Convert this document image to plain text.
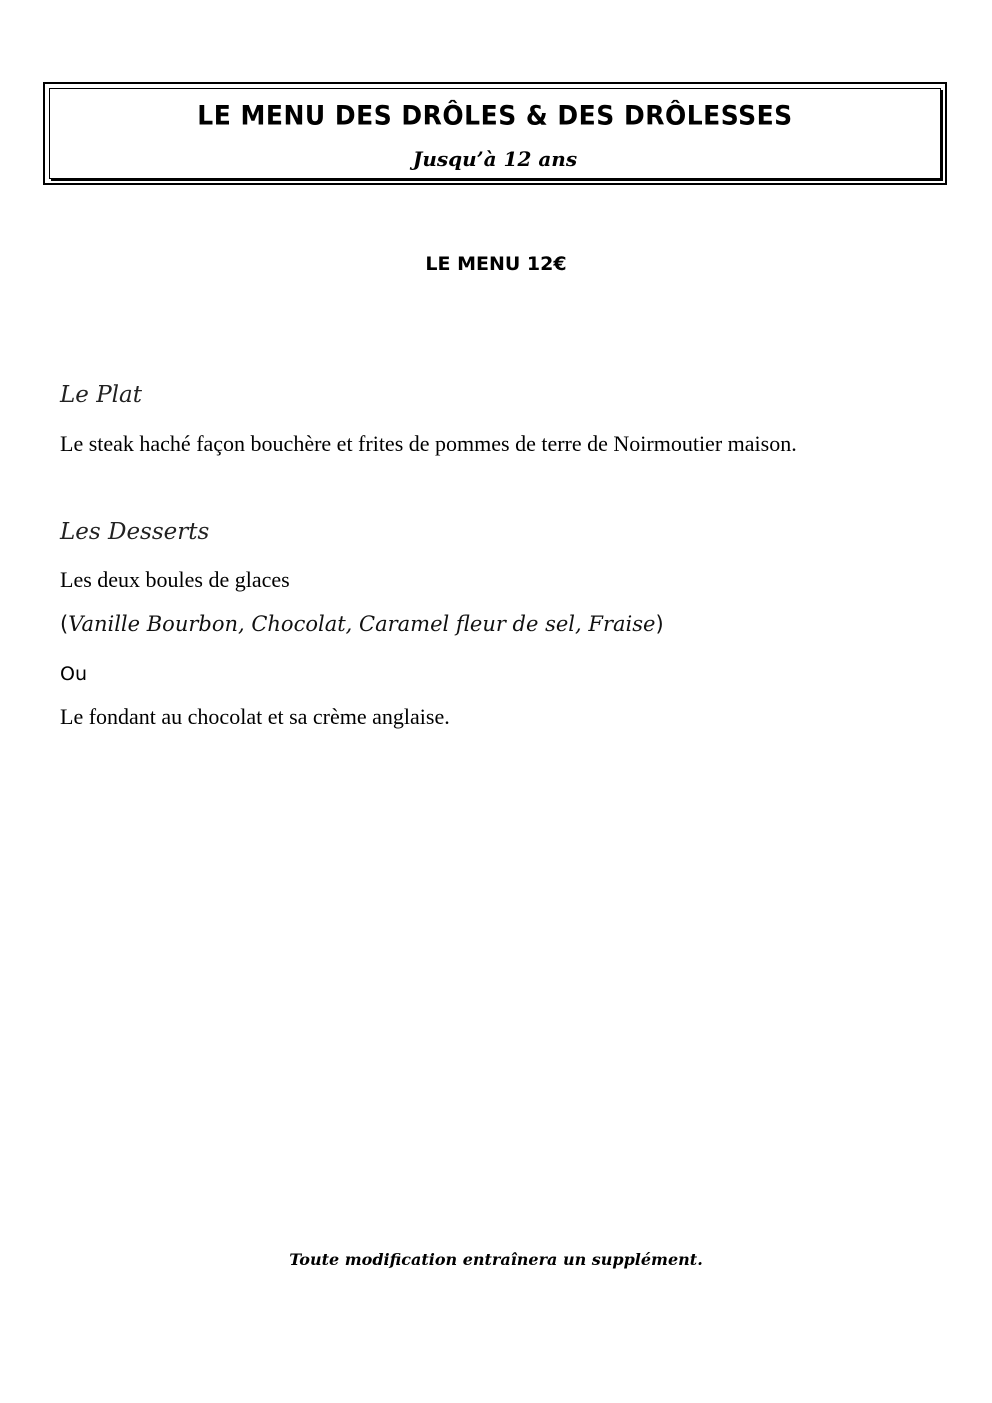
LE MENU DES DRÔLES & DES DRÔLESSES
Jusqu’à 12 ans
LE MENU 12€
Le Plat
Le steak haché façon bouchère et frites de pommes de terre de Noirmoutier maison.
Les Desserts
Les deux boules de glaces
(Vanille Bourbon, Chocolat, Caramel fleur de sel, Fraise)
Ou
Le fondant au chocolat et sa crème anglaise.
Toute modification entraînera un supplément.
